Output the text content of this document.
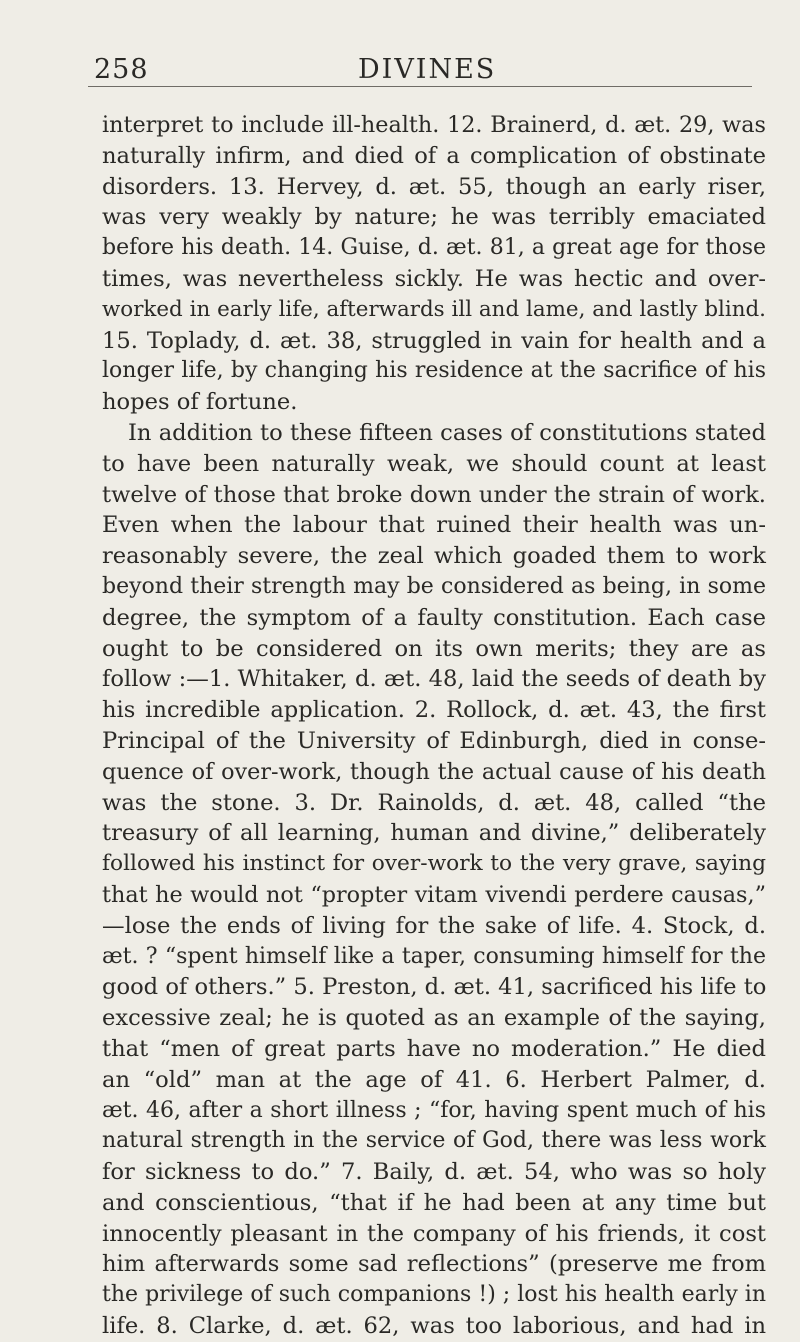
258	DIVINES
interpret to include ill-health. 12. Brainerd, d. æt. 29, was
naturally infirm, and died of a complication of obstinate
disorders. 13. Hervey, d. æt. 55, though an early riser,
was very weakly by nature; he was terribly emaciated
before his death. 14. Guise, d. æt. 81, a great age for those
times, was nevertheless sickly. He was hectic and over-
worked in early life, afterwards ill and lame, and lastly blind.
15. Toplady, d. æt. 38, struggled in vain for health and a
longer life, by changing his residence at the sacrifice of his
hopes of fortune.
In addition to these fifteen cases of constitutions stated
to have been naturally weak, we should count at least
twelve of those that broke down under the strain of work.
Even when the labour that ruined their health was un-
reasonably severe, the zeal which goaded them to work
beyond their strength may be considered as being, in some
degree, the symptom of a faulty constitution. Each case
ought to be considered on its own merits; they are as
follow :—1. Whitaker, d. æt. 48, laid the seeds of death by
his incredible application. 2. Rollock, d. æt. 43, the first
Principal of the University of Edinburgh, died in conse-
quence of over-work, though the actual cause of his death
was the stone. 3. Dr. Rainolds, d. æt. 48, called “the
treasury of all learning, human and divine,” deliberately
followed his instinct for over-work to the very grave, saying
that he would not “propter vitam vivendi perdere causas,”
—lose the ends of living for the sake of life. 4. Stock, d.
æt. ? “spent himself like a taper, consuming himself for the
good of others.” 5. Preston, d. æt. 41, sacrificed his life to
excessive zeal; he is quoted as an example of the saying,
that “men of great parts have no moderation.” He died
an “old” man at the age of 41. 6. Herbert Palmer, d.
æt. 46, after a short illness ; “for, having spent much of his
natural strength in the service of God, there was less work
for sickness to do.” 7. Baily, d. æt. 54, who was so holy
and conscientious, “that if he had been at any time but
innocently pleasant in the company of his friends, it cost
him afterwards some sad reflections” (preserve me from
the privilege of such companions !) ; lost his health early in
life. 8. Clarke, d. æt. 62, was too laborious, and had in
